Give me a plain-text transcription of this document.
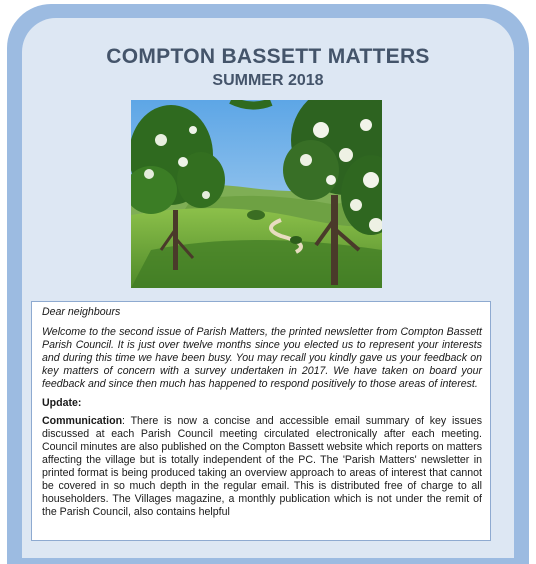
COMPTON BASSETT MATTERS
SUMMER 2018

Dear neighbours

Welcome to the second issue of Parish Matters, the printed newsletter from Compton Bassett Parish Council. It is just over twelve months since you elected us to represent your interests and during this time we have been busy. You may recall you kindly gave us your feedback on key matters of concern with a survey undertaken in 2017. We have taken on board your feedback and since then much has happened to respond positively to those areas of interest.

Update:

Communication: There is now a concise and accessible email summary of key issues discussed at each Parish Council meeting circulated electronically after each meeting. Council minutes are also published on the Compton Bassett website which reports on matters affecting the village but is totally independent of the PC. The 'Parish Matters' newsletter in printed format is being produced taking an overview approach to areas of interest that cannot be covered in so much depth in the regular email. This is distributed free of charge to all householders. The Villages magazine, a monthly publication which is not under the remit of the Parish Council, also contains helpful
